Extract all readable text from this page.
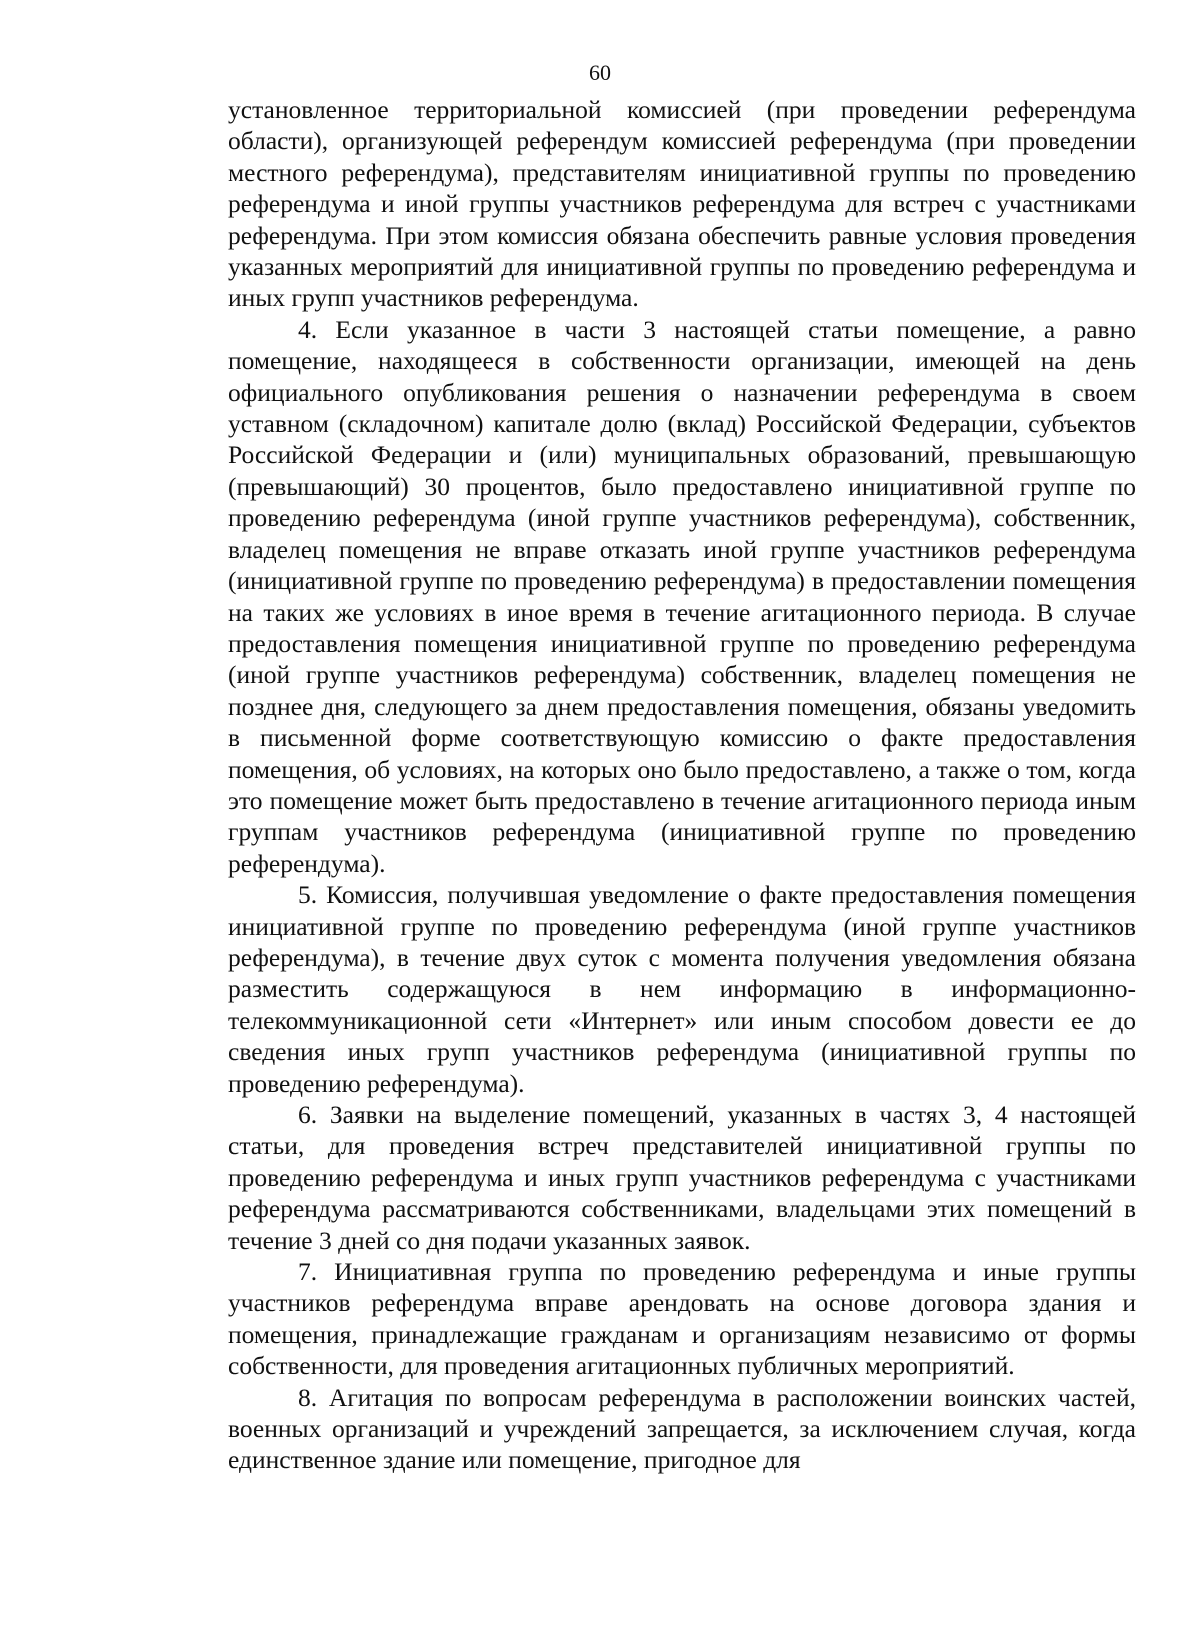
60

установленное территориальной комиссией (при проведении референдума области), организующей референдум комиссией референдума (при проведении местного референдума), представителям инициативной группы по проведению референдума и иной группы участников референдума для встреч с участниками референдума. При этом комиссия обязана обеспечить равные условия проведения указанных мероприятий для инициативной группы по проведению референдума и иных групп участников референдума.

4. Если указанное в части 3 настоящей статьи помещение, а равно помещение, находящееся в собственности организации, имеющей на день официального опубликования решения о назначении референдума в своем уставном (складочном) капитале долю (вклад) Российской Федерации, субъектов Российской Федерации и (или) муниципальных образований, превышающую (превышающий) 30 процентов, было предоставлено инициативной группе по проведению референдума (иной группе участников референдума), собственник, владелец помещения не вправе отказать иной группе участников референдума (инициативной группе по проведению референдума) в предоставлении помещения на таких же условиях в иное время в течение агитационного периода. В случае предоставления помещения инициативной группе по проведению референдума (иной группе участников референдума) собственник, владелец помещения не позднее дня, следующего за днем предоставления помещения, обязаны уведомить в письменной форме соответствующую комиссию о факте предоставления помещения, об условиях, на которых оно было предоставлено, а также о том, когда это помещение может быть предоставлено в течение агитационного периода иным группам участников референдума (инициативной группе по проведению референдума).

5. Комиссия, получившая уведомление о факте предоставления помещения инициативной группе по проведению референдума (иной группе участников референдума), в течение двух суток с момента получения уведомления обязана разместить содержащуюся в нем информацию в информационно-телекоммуникационной сети «Интернет» или иным способом довести ее до сведения иных групп участников референдума (инициативной группы по проведению референдума).

6. Заявки на выделение помещений, указанных в частях 3, 4 настоящей статьи, для проведения встреч представителей инициативной группы по проведению референдума и иных групп участников референдума с участниками референдума рассматриваются собственниками, владельцами этих помещений в течение 3 дней со дня подачи указанных заявок.

7. Инициативная группа по проведению референдума и иные группы участников референдума вправе арендовать на основе договора здания и помещения, принадлежащие гражданам и организациям независимо от формы собственности, для проведения агитационных публичных мероприятий.

8. Агитация по вопросам референдума в расположении воинских частей, военных организаций и учреждений запрещается, за исключением случая, когда единственное здание или помещение, пригодное для
